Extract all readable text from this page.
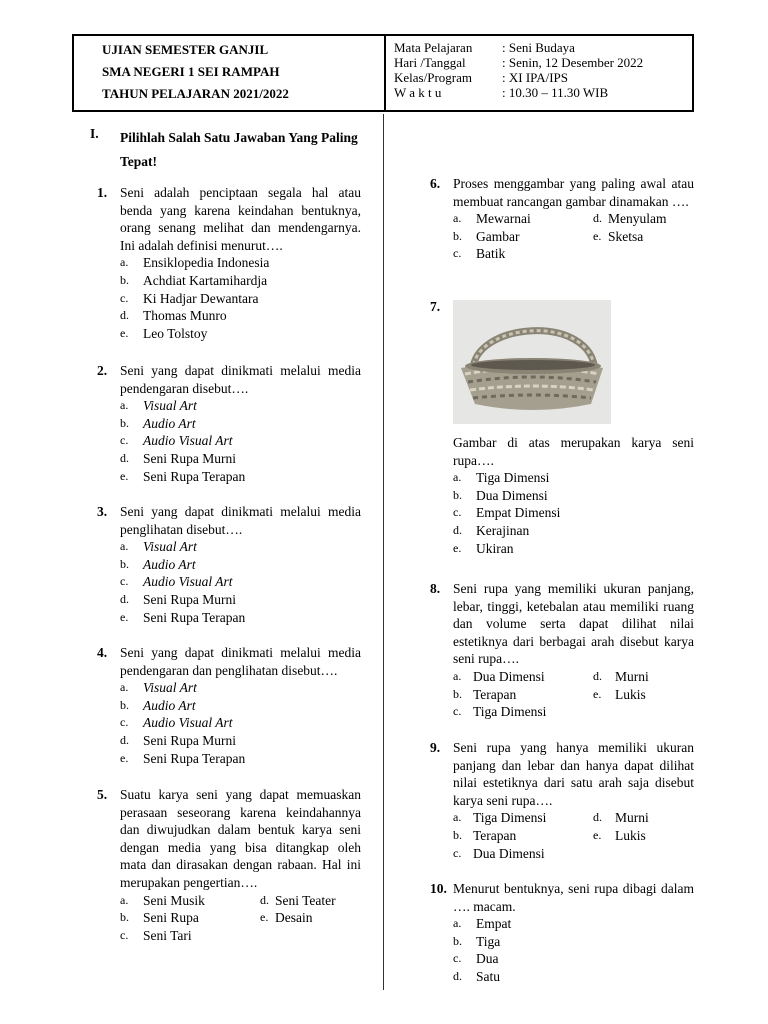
UJIAN SEMESTER GANJIL
SMA NEGERI 1 SEI RAMPAH
TAHUN PELAJARAN 2021/2022
Mata Pelajaran	: Seni Budaya
Hari /Tanggal	: Senin, 12 Desember 2022
Kelas/Program	: XI IPA/IPS
W a k t u	: 10.30 – 11.30 WIB
I. Pilihlah Salah Satu Jawaban Yang Paling Tepat!
1. Seni adalah penciptaan segala hal atau benda yang karena keindahan bentuknya, orang senang melihat dan mendengarnya. Ini adalah definisi menurut….
a.	Ensiklopedia Indonesia
b.	Achdiat Kartamihardja
c.	Ki Hadjar Dewantara
d.	Thomas Munro
e.	Leo Tolstoy
2. Seni yang dapat dinikmati melalui media pendengaran disebut….
a.	Visual Art
b.	Audio Art
c.	Audio Visual Art
d.	Seni Rupa Murni
e.	Seni Rupa Terapan
3. Seni yang dapat dinikmati melalui media penglihatan disebut….
a.	Visual Art
b.	Audio Art
c.	Audio Visual Art
d.	Seni Rupa Murni
e.	Seni Rupa Terapan
4. Seni yang dapat dinikmati melalui media pendengaran dan penglihatan disebut….
a.	Visual Art
b.	Audio Art
c.	Audio Visual Art
d.	Seni Rupa Murni
e.	Seni Rupa Terapan
5. Suatu karya seni yang dapat memuaskan perasaan seseorang karena keindahannya dan diwujudkan dalam bentuk karya seni dengan media yang bisa ditangkap oleh mata dan dirasakan dengan rabaan. Hal ini merupakan pengertian….
a.	Seni Musik	d. Seni Teater
b.	Seni Rupa	e. Desain
c.	Seni Tari
6. Proses menggambar yang paling awal atau membuat rancangan gambar dinamakan ….
a.	Mewarnai	d. Menyulam
b.	Gambar	e. Sketsa
c.	Batik
7.
Gambar di atas merupakan karya seni rupa….
a.	Tiga Dimensi
b.	Dua Dimensi
c.	Empat Dimensi
d.	Kerajinan
e.	Ukiran
8. Seni rupa yang memiliki ukuran panjang, lebar, tinggi, ketebalan atau memiliki ruang dan volume serta dapat dilihat nilai estetiknya dari berbagai arah disebut karya seni rupa….
a. Dua Dimensi	d. Murni
b. Terapan	e.	Lukis
c. Tiga Dimensi
9. Seni rupa yang hanya memiliki ukuran panjang dan lebar dan hanya dapat dilihat nilai estetiknya dari satu arah saja disebut karya seni rupa….
a. Tiga Dimensi	d. Murni
b. Terapan	e.	Lukis
c. Dua Dimensi
10. Menurut bentuknya, seni rupa dibagi dalam …. macam.
a.	Empat
b.	Tiga
c.	Dua
d.	Satu
